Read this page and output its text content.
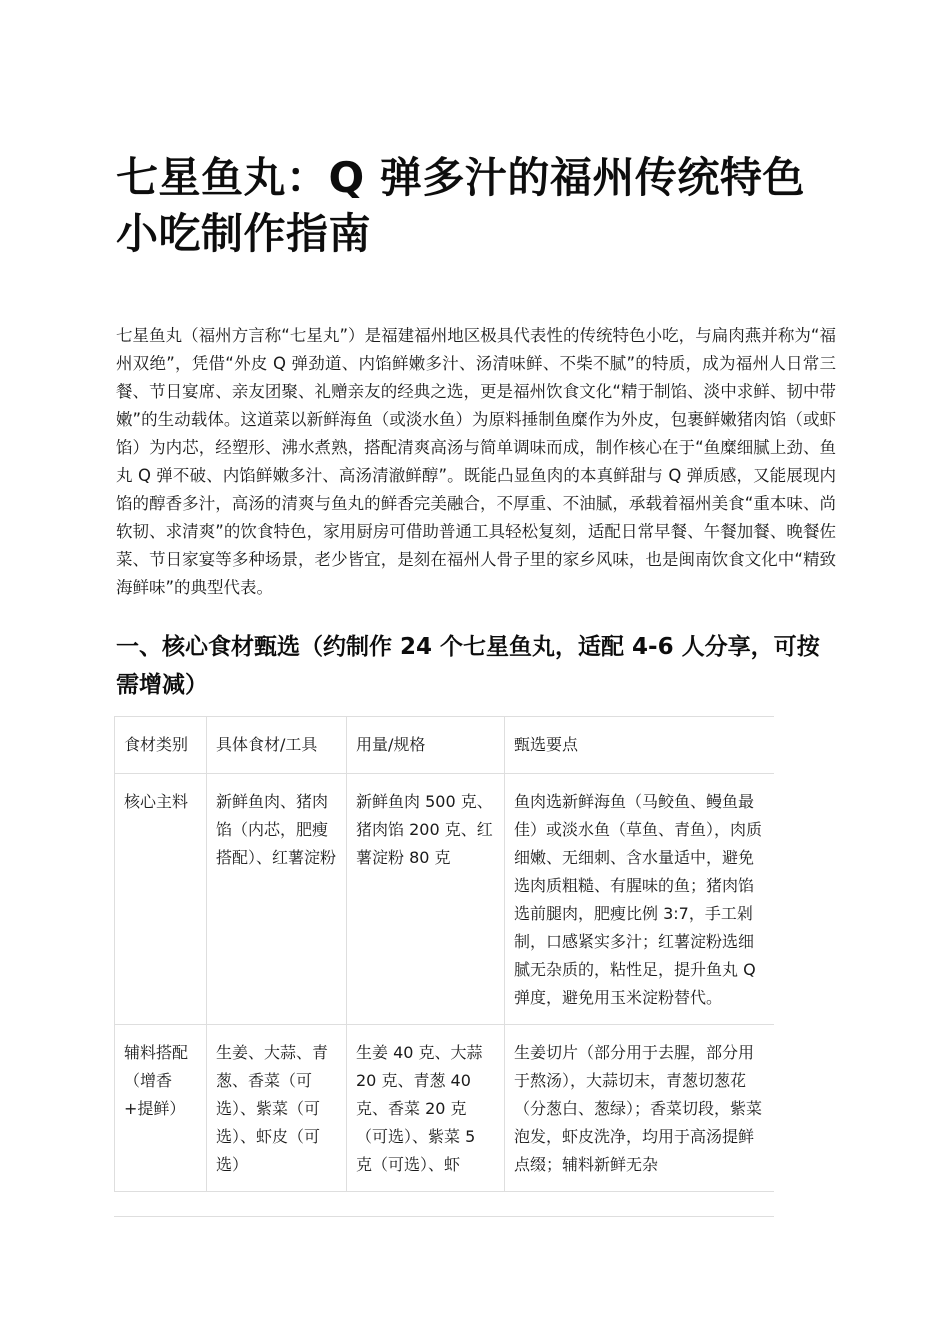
七星鱼丸：Q 弹多汁的福州传统特色小吃制作指南

七星鱼丸（福州方言称“七星丸”）是福建福州地区极具代表性的传统特色小吃，与扁肉燕并称为“福州双绝”，凭借“外皮 Q 弹劲道、内馅鲜嫩多汁、汤清味鲜、不柴不腻”的特质，成为福州人日常三餐、节日宴席、亲友团聚、礼赠亲友的经典之选，更是福州饮食文化“精于制馅、淡中求鲜、韧中带嫩”的生动载体。这道菜以新鲜海鱼（或淡水鱼）为原料捶制鱼糜作为外皮，包裹鲜嫩猪肉馅（或虾馅）为内芯，经塑形、沸水煮熟，搭配清爽高汤与简单调味而成，制作核心在于“鱼糜细腻上劲、鱼丸 Q 弹不破、内馅鲜嫩多汁、高汤清澈鲜醇”。既能凸显鱼肉的本真鲜甜与 Q 弹质感，又能展现内馅的醇香多汁，高汤的清爽与鱼丸的鲜香完美融合，不厚重、不油腻，承载着福州美食“重本味、尚软韧、求清爽”的饮食特色，家用厨房可借助普通工具轻松复刻，适配日常早餐、午餐加餐、晚餐佐菜、节日家宴等多种场景，老少皆宜，是刻在福州人骨子里的家乡风味，也是闽南饮食文化中“精致海鲜味”的典型代表。

一、核心食材甄选（约制作 24 个七星鱼丸，适配 4-6 人分享，可按需增减）
食材类别	具体食材/工具	用量/规格	甄选要点
核心主料	新鲜鱼肉、猪肉馅（内芯，肥瘦搭配）、红薯淀粉	新鲜鱼肉 500 克、猪肉馅 200 克、红薯淀粉 80 克	鱼肉选新鲜海鱼（马鲛鱼、鳗鱼最佳）或淡水鱼（草鱼、青鱼），肉质细嫩、无细刺、含水量适中，避免选肉质粗糙、有腥味的鱼；猪肉馅选前腿肉，肥瘦比例 3:7，手工剁制，口感紧实多汁；红薯淀粉选细腻无杂质的，粘性足，提升鱼丸 Q 弹度，避免用玉米淀粉替代。
辅料搭配（增香+提鲜）	生姜、大蒜、青葱、香菜（可选）、紫菜（可选）、虾皮（可选）	生姜 40 克、大蒜 20 克、青葱 40 克、香菜 20 克（可选）、紫菜 5 克（可选）、虾	生姜切片（部分用于去腥，部分用于熬汤），大蒜切末，青葱切葱花（分葱白、葱绿）；香菜切段，紫菜泡发，虾皮洗净，均用于高汤提鲜点缀；辅料新鲜无杂
